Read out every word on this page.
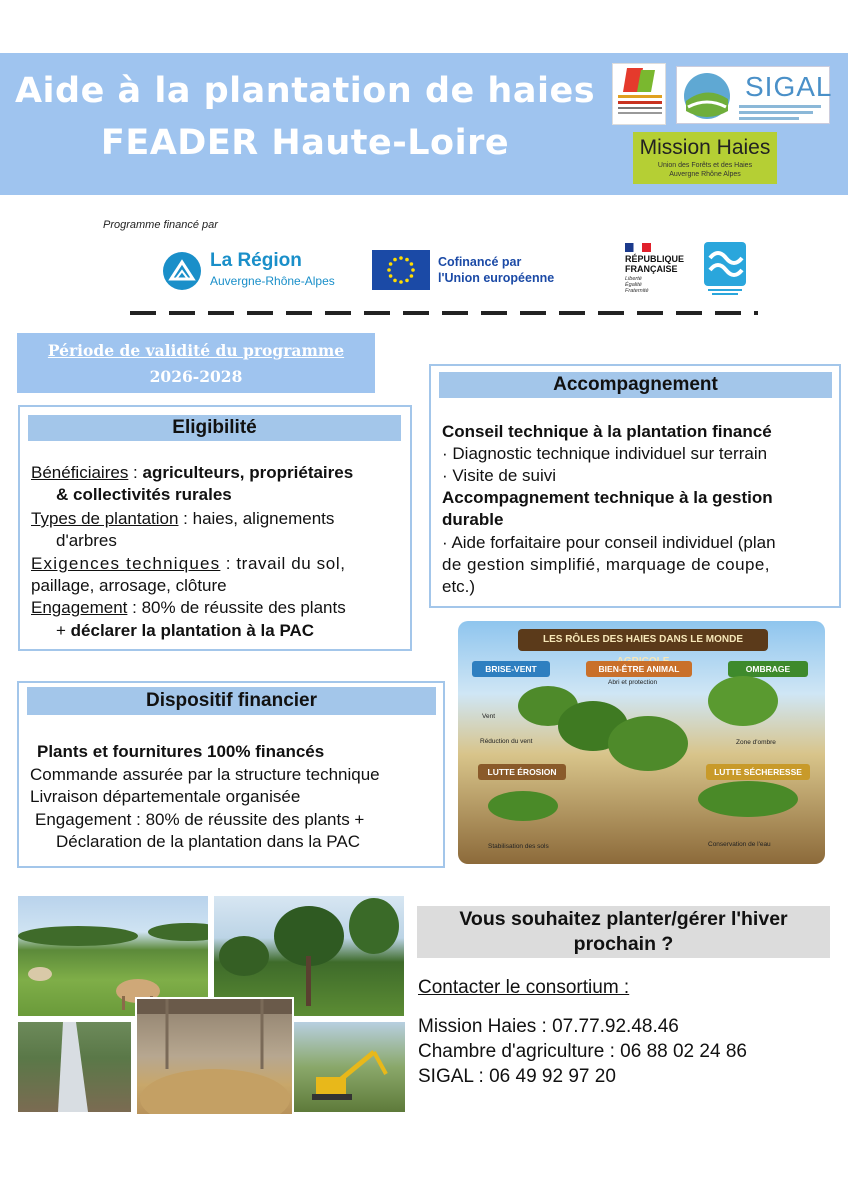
Aide à la plantation de haies
FEADER Haute-Loire
SIGAL
Mission Haies
Union des Forêts et des Haies
Auvergne Rhône Alpes
Programme financé par
La Région
Auvergne-Rhône-Alpes
Cofinancé par
l'Union européenne
RÉPUBLIQUE
FRANÇAISE
Liberté
Égalité
Fraternité
Période de validité du programme
2026-2028
Eligibilité
Bénéficiaires : agriculteurs, propriétaires
& collectivités rurales
Types de plantation : haies, alignements
d'arbres
Exigences techniques : travail du sol,
paillage, arrosage, clôture
Engagement : 80% de réussite des plants
+ déclarer la plantation à la PAC
Accompagnement
Conseil technique à la plantation financé
· Diagnostic technique individuel sur terrain
· Visite de suivi
Accompagnement technique à la gestion
durable
· Aide forfaitaire pour conseil individuel (plan
de gestion simplifié, marquage de coupe,
etc.)
Dispositif financier
Plants et fournitures 100% financés
Commande assurée par la structure technique
Livraison départementale organisée
Engagement : 80% de réussite des plants +
Déclaration de la plantation dans la PAC
LES RÔLES DES HAIES DANS LE MONDE
BRISE-VENT	BIEN-ÊTRE ANIMAL	OMBRAGE
LUTTE ÉROSION	LUTTE SÉCHERESSE
Abri et protection
Vent
Réduction du vent	Zone d'ombre
Stabilisation des sols	Conservation de l'eau
Vous souhaitez planter/gérer l'hiver prochain ?
Contacter le consortium :
Mission Haies : 07.77.92.48.46
Chambre d'agriculture : 06 88 02 24 86
SIGAL : 06 49 92 97 20
